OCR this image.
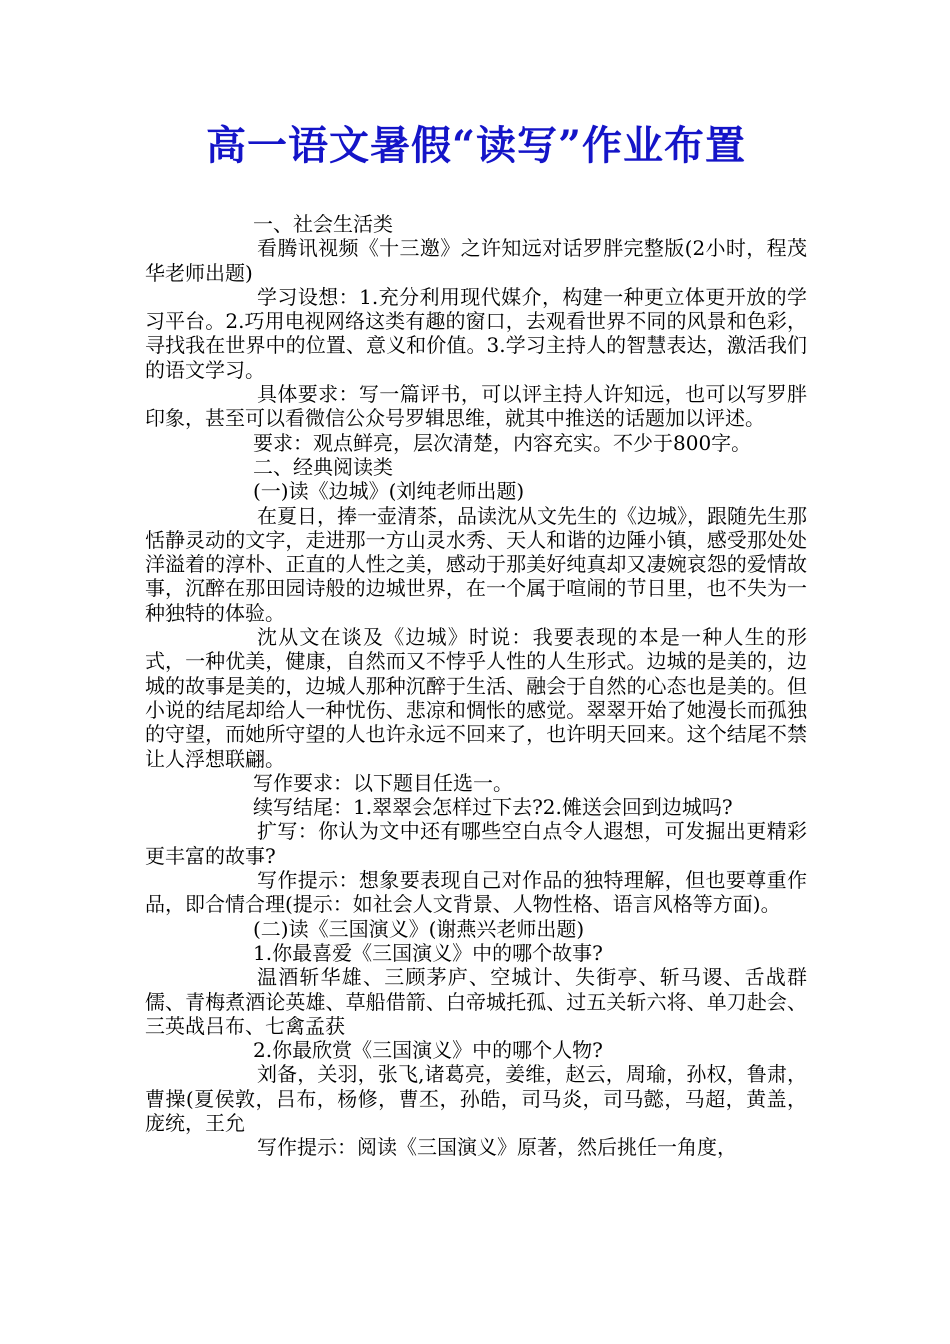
高一语文暑假“读写”作业布置

一、社会生活类

看腾讯视频《十三邀》之许知远对话罗胖完整版(2小时，程茂华老师出题)

学习设想：1.充分利用现代媒介，构建一种更立体更开放的学习平台。2.巧用电视网络这类有趣的窗口，去观看世界不同的风景和色彩，寻找我在世界中的位置、意义和价值。3.学习主持人的智慧表达，激活我们的语文学习。

具体要求：写一篇评书，可以评主持人许知远，也可以写罗胖印象，甚至可以看微信公众号罗辑思维，就其中推送的话题加以评述。

要求：观点鲜亮，层次清楚，内容充实。不少于800字。

二、经典阅读类

(一)读《边城》(刘纯老师出题)

在夏日，捧一壶清茶，品读沈从文先生的《边城》，跟随先生那恬静灵动的文字，走进那一方山灵水秀、天人和谐的边陲小镇，感受那处处洋溢着的淳朴、正直的人性之美，感动于那美好纯真却又凄婉哀怨的爱情故事，沉醉在那田园诗般的边城世界，在一个属于喧闹的节日里，也不失为一种独特的体验。

沈从文在谈及《边城》时说：我要表现的本是一种人生的形式，一种优美，健康，自然而又不悖乎人性的人生形式。边城的是美的，边城的故事是美的，边城人那种沉醉于生活、融会于自然的心态也是美的。但小说的结尾却给人一种忧伤、悲凉和惆怅的感觉。翠翠开始了她漫长而孤独的守望，而她所守望的人也许永远不回来了，也许明天回来。这个结尾不禁让人浮想联翩。

写作要求：以下题目任选一。

续写结尾：1.翠翠会怎样过下去?2.傩送会回到边城吗?

扩写：你认为文中还有哪些空白点令人遐想，可发掘出更精彩更丰富的故事?

写作提示：想象要表现自己对作品的独特理解，但也要尊重作品，即合情合理(提示：如社会人文背景、人物性格、语言风格等方面)。

(二)读《三国演义》(谢燕兴老师出题)

1.你最喜爱《三国演义》中的哪个故事?

温酒斩华雄、三顾茅庐、空城计、失街亭、斩马谡、舌战群儒、青梅煮酒论英雄、草船借箭、白帝城托孤、过五关斩六将、单刀赴会、三英战吕布、七禽孟获

2.你最欣赏《三国演义》中的哪个人物?

刘备，关羽，张飞,诸葛亮，姜维，赵云，周瑜，孙权，鲁肃，曹操(夏侯敦，吕布，杨修，曹丕，孙皓，司马炎，司马懿，马超，黄盖，庞统，王允

写作提示：阅读《三国演义》原著，然后挑任一角度，
